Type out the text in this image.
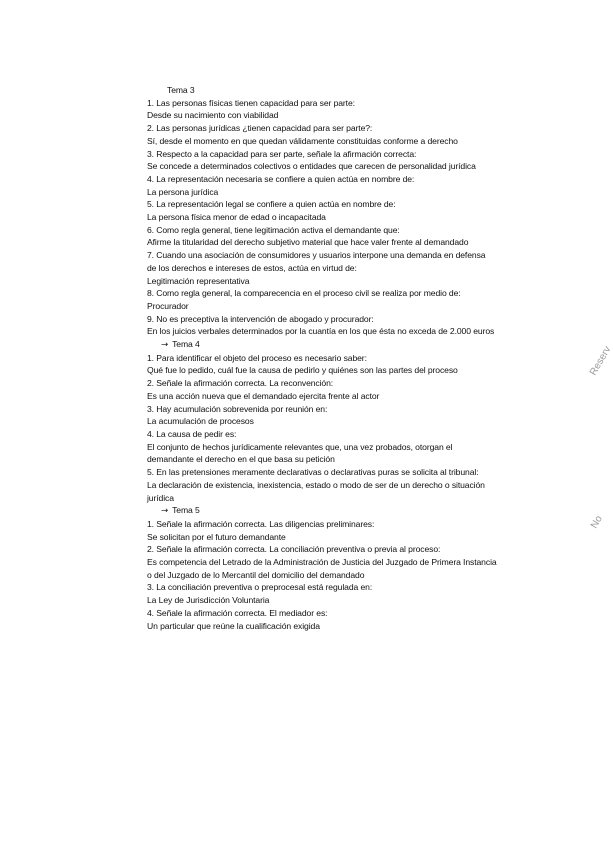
Tema 3
1. Las personas físicas tienen capacidad para ser parte:
Desde su nacimiento con viabilidad
2. Las personas jurídicas ¿tienen capacidad para ser parte?:
Sí, desde el momento en que quedan válidamente constituidas conforme a derecho
3. Respecto a la capacidad para ser parte, señale la afirmación correcta:
Se concede a determinados colectivos o entidades que carecen de personalidad jurídica
4. La representación necesaria se confiere a quien actúa en nombre de:
La persona jurídica
5. La representación legal se confiere a quien actúa en nombre de:
La persona física menor de edad o incapacitada
6. Como regla general, tiene legitimación activa el demandante que:
Afirme la titularidad del derecho subjetivo material que hace valer frente al demandado
7. Cuando una asociación de consumidores y usuarios interpone una demanda en defensa de los derechos e intereses de estos, actúa en virtud de:
Legitimación representativa
8. Como regla general, la comparecencia en el proceso civil se realiza por medio de:
Procurador
9. No es preceptiva la intervención de abogado y procurador:
En los juicios verbales determinados por la cuantía en los que ésta no exceda de 2.000 euros
→ Tema 4
1. Para identificar el objeto del proceso es necesario saber:
Qué fue lo pedido, cuál fue la causa de pedirlo y quiénes son las partes del proceso
2. Señale la afirmación correcta. La reconvención:
Es una acción nueva que el demandado ejercita frente al actor
3. Hay acumulación sobrevenida por reunión en:
La acumulación de procesos
4. La causa de pedir es:
El conjunto de hechos jurídicamente relevantes que, una vez probados, otorgan el demandante el derecho en el que basa su petición
5. En las pretensiones meramente declarativas o declarativas puras se solicita al tribunal:
La declaración de existencia, inexistencia, estado o modo de ser de un derecho o situación jurídica
→ Tema 5
1. Señale la afirmación correcta. Las diligencias preliminares:
Se solicitan por el futuro demandante
2. Señale la afirmación correcta. La conciliación preventiva o previa al proceso:
Es competencia del Letrado de la Administración de Justicia del Juzgado de Primera Instancia o del Juzgado de lo Mercantil del domicilio del demandado
3. La conciliación preventiva o preprocesal está regulada en:
La Ley de Jurisdicción Voluntaria
4. Señale la afirmación correcta. El mediador es:
Un particular que reúne la cualificación exigida
Reserv
No
